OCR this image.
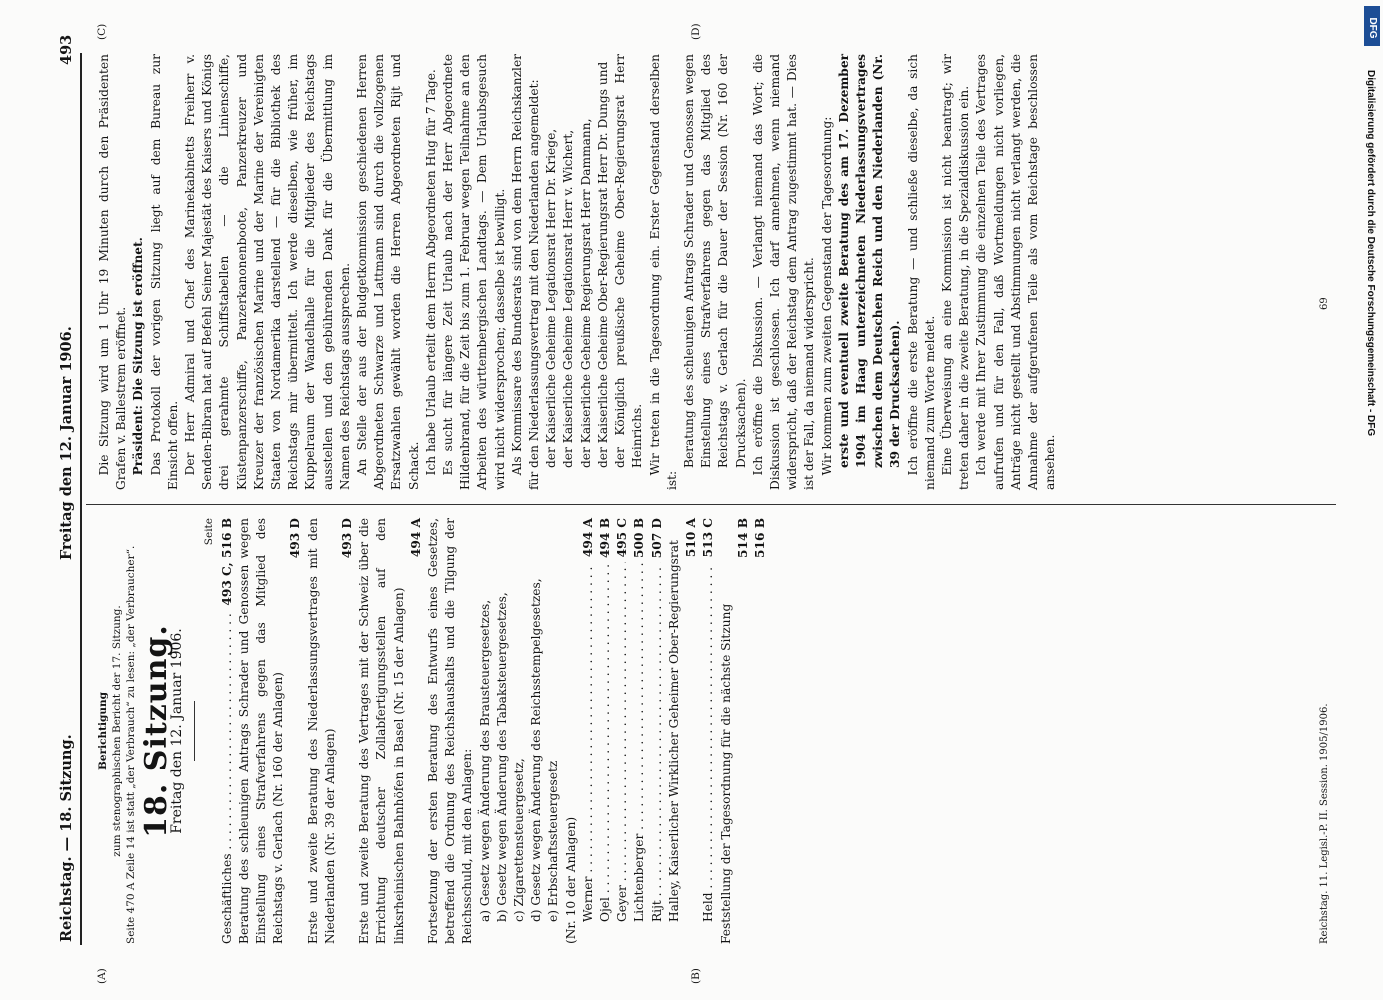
Reichstag. — 18. Sitzung.
Freitag den 12. Januar 1906.
493
(A)	(B)
(C)	(D)

Berichtigung zum stenographischen Bericht der 17. Sitzung. Seite 470 A Zeile 14 ist statt „der Verbrauch“ zu lesen: „der Verbraucher“. 18. Sitzung.

Freitag den 12. Januar 1906.

Seite

Geschäftliches . . .
493 C, 516 B Beratung des schleunigen Antrags Schrader und Genossen wegen Einstellung eines Strafverfahrens gegen das Mitglied des Reichstags v. Gerlach (Nr. 160 der Anlagen)

493 D Erste und zweite Beratung des Niederlassungsvertrages mit den Niederlanden (Nr. 39 der Anlagen)

493 D Erste und zweite Beratung des Vertrages mit der Schweiz über die Errichtung deutscher Zollabfertigungsstellen auf den linksrheinischen Bahnhöfen in Basel (Nr. 15 der Anlagen)

494 A Fortsetzung der ersten Beratung des Entwurfs eines Gesetzes, betreffend die Ordnung des Reichshaushalts und die Tilgung der Reichsschuld, mit den Anlagen: a) Gesetz wegen Änderung des Brausteuergesetzes, b) Gesetz wegen Änderung des Tabaksteuergesetzes, c) Zigarettensteuergesetz, d) Gesetz wegen Änderung des Reichsstempelgesetzes, e) Erbschaftssteuergesetz (Nr. 10 der Anlagen) Werner . . .
494 A
Ojel . . .
494 B
Geyer . . .
495 C
Lichtenberger . . .
500 B
Rijt . . .
507 D

Halley, Kaiserlicher Wirklicher Geheimer Ober-Regierungsrat

510 A
Held . . .
513 C

Feststellung der Tagesordnung für die nächste Sitzung

514 B 516 B
Reichstag. 11. Legisl.-P. II. Session. 1905/1906.
69

Die Sitzung wird um 1 Uhr 19 Minuten durch den Präsidenten Grafen v. Ballestrem eröffnet. Präsident: Die Sitzung ist eröffnet. Das Protokoll der vorigen Sitzung liegt auf dem Bureau zur Einsicht offen. Der Herr Admiral und Chef des Marinekabinetts Freiherr v. Senden-Bibran hat auf Befehl Seiner Majestät des Kaisers und Königs drei gerahmte Schiffstabellen — die Linienschiffe, Küstenpanzerschiffe, Panzerkanonenboote, Panzerkreuzer und Kreuzer der französischen Marine und der Marine der Vereinigten Staaten von Nordamerika darstellend — für die Bibliothek des Reichstags mir übermittelt. Ich werde dieselben, wie früher, im Kuppelraum der Wandelhalle für die Mitglieder des Reichstags ausstellen und den gebührenden Dank für die Übermittlung im Namen des Reichstags aussprechen. An Stelle der aus der Budgetkommission geschiedenen Herren Abgeordneten Schwarze und Lattmann sind durch die vollzogenen Ersatzwahlen gewählt worden die Herren Abgeordneten Rijt und Schack. Ich habe Urlaub erteilt dem Herrn Abgeordneten Hug für 7 Tage. Es sucht für längere Zeit Urlaub nach der Herr Abgeordnete Hildenbrand, für die Zeit bis zum 1. Februar wegen Teilnahme an den Arbeiten des württembergischen Landtags. — Dem Urlaubsgesuch wird nicht widersprochen; dasselbe ist bewilligt. Als Kommissare des Bundesrats sind von dem Herrn Reichskanzler für den Niederlassungsvertrag mit den Niederlanden angemeldet: der Kaiserliche Geheime Legationsrat Herr Dr. Kriege, der Kaiserliche Geheime Legationsrat Herr v. Wichert, der Kaiserliche Geheime Regierungsrat Herr Dammann, der Kaiserliche Geheime Ober-Regierungsrat Herr Dr. Dungs und der Königlich preußische Geheime Ober-Regierungsrat Herr Heinrichs. Wir treten in die Tagesordnung ein. Erster Gegenstand derselben ist:

Beratung des schleunigen Antrags Schrader und Genossen wegen Einstellung eines Strafverfahrens gegen das Mitglied des Reichstags v. Gerlach für die Dauer der Session (Nr. 160 der Drucksachen). Ich eröffne die Diskussion. — Verlangt niemand das Wort; die Diskussion ist geschlossen. Ich darf annehmen, wenn niemand widerspricht, daß der Reichstag dem Antrag zugestimmt hat. — Dies ist der Fall, da niemand widerspricht. Wir kommen zum zweiten Gegenstand der Tagesordnung: erste und eventuell zweite Beratung des am 17. Dezember 1904 im Haag unterzeichneten Niederlassungsvertrages zwischen dem Deutschen Reich und den Niederlanden (Nr. 39 der Drucksachen). Ich eröffne die erste Beratung — und schließe dieselbe, da sich niemand zum Worte meldet. Eine Überweisung an eine Kommission ist nicht beantragt; wir treten daher in die zweite Beratung, in die Spezialdiskussion ein. Ich werde mit Ihrer Zustimmung die einzelnen Teile des Vertrages aufrufen und für den Fall, daß Wortmeldungen nicht vorliegen, Anträge nicht gestellt und Abstimmungen nicht verlangt werden, die Annahme der aufgerufenen Teile als vom Reichstage beschlossen ansehen.

DFG
Digitalisierung gefördert durch die Deutsche Forschungsgemeinschaft - DFG
